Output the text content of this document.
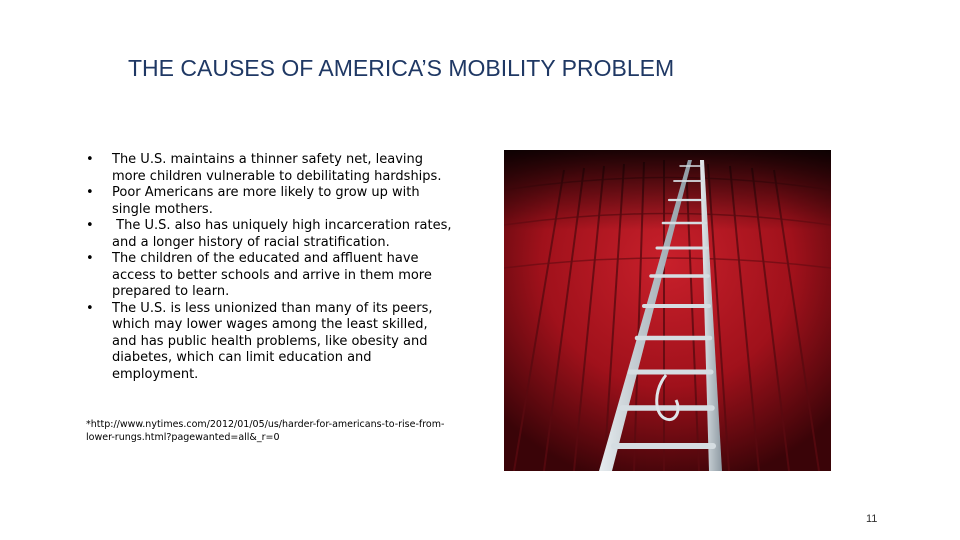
THE CAUSES OF AMERICA’S MOBILITY PROBLEM
• The U.S. maintains a thinner safety net, leaving more children vulnerable to debilitating hardships.
• Poor Americans are more likely to grow up with single mothers.
• The U.S. also has uniquely high incarceration rates, and a longer history of racial stratification.
• The children of the educated and affluent have access to better schools and arrive in them more prepared to learn.
• The U.S. is less unionized than many of its peers, which may lower wages among the least skilled, and has public health problems, like obesity and diabetes, which can limit education and employment.
*http://www.nytimes.com/2012/01/05/us/harder-for-americans-to-rise-from-lower-rungs.html?pagewanted=all&_r=0
11
